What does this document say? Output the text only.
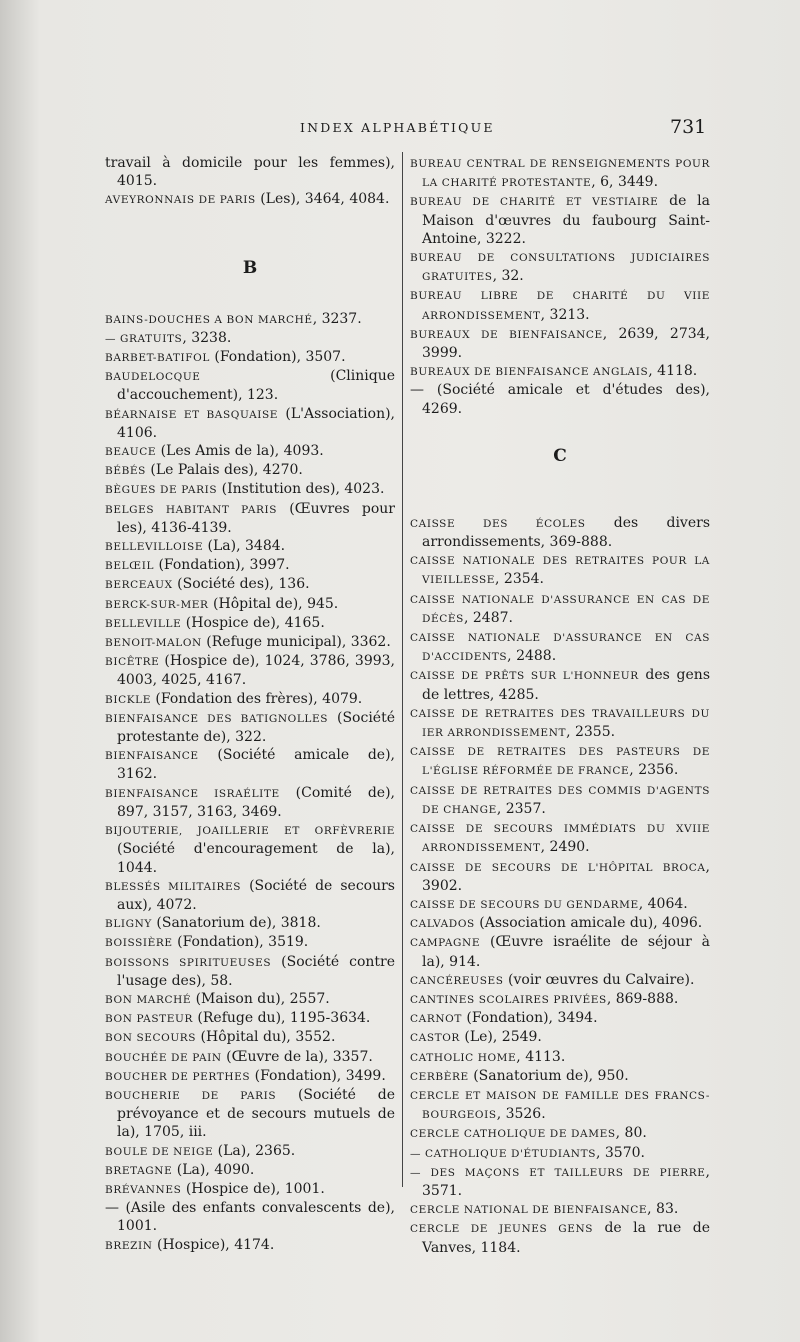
INDEX ALPHABÉTIQUE	731
travail à domicile pour les femmes), 4015.
AVEYRONNAIS DE PARIS (Les), 3464, 4084.
B
BAINS-DOUCHES A BON MARCHÉ, 3237.
— GRATUITS, 3238.
BARBET-BATIFOL (Fondation), 3507.
BAUDELOCQUE (Clinique d'accouchement), 123.
BÉARNAISE ET BASQUAISE (L'Association), 4106.
BEAUCE (Les Amis de la), 4093.
BÉBÉS (Le Palais des), 4270.
BÈGUES DE PARIS (Institution des), 4023.
BELGES HABITANT PARIS (Œuvres pour les), 4136-4139.
BELLEVILLOISE (La), 3484.
BELŒIL (Fondation), 3997.
BERCEAUX (Société des), 136.
BERCK-SUR-MER (Hôpital de), 945.
BELLEVILLE (Hospice de), 4165.
BENOIT-MALON (Refuge municipal), 3362.
BICÊTRE (Hospice de), 1024, 3786, 3993, 4003, 4025, 4167.
BICKLE (Fondation des frères), 4079.
BIENFAISANCE DES BATIGNOLLES (Société protestante de), 322.
BIENFAISANCE (Société amicale de), 3162.
BIENFAISANCE ISRAÉLITE (Comité de), 897, 3157, 3163, 3469.
BIJOUTERIE, JOAILLERIE ET ORFÈVRERIE (Société d'encouragement de la), 1044.
BLESSÉS MILITAIRES (Société de secours aux), 4072.
BLIGNY (Sanatorium de), 3818.
BOISSIÈRE (Fondation), 3519.
BOISSONS SPIRITUEUSES (Société contre l'usage des), 58.
BON MARCHÉ (Maison du), 2557.
BON PASTEUR (Refuge du), 1195-3634.
BON SECOURS (Hôpital du), 3552.
BOUCHÉE DE PAIN (Œuvre de la), 3357.
BOUCHER DE PERTHES (Fondation), 3499.
BOUCHERIE DE PARIS (Société de prévoyance et de secours mutuels de la), 1705, iii.
BOULE DE NEIGE (La), 2365.
BRETAGNE (La), 4090.
BRÉVANNES (Hospice de), 1001.
— (Asile des enfants convalescents de), 1001.
BREZIN (Hospice), 4174.
BUREAU CENTRAL DE RENSEIGNEMENTS POUR LA CHARITÉ PROTESTANTE, 6, 3449.
BUREAU DE CHARITÉ ET VESTIAIRE de la Maison d'œuvres du faubourg Saint-Antoine, 3222.
BUREAU DE CONSULTATIONS JUDICIAIRES GRATUITES, 32.
BUREAU LIBRE DE CHARITÉ DU VIIE ARRONDISSEMENT, 3213.
BUREAUX DE BIENFAISANCE, 2639, 2734, 3999.
BUREAUX DE BIENFAISANCE ANGLAIS, 4118.
— (Société amicale et d'études des), 4269.
C
CAISSE DES ÉCOLES des divers arrondissements, 369-888.
CAISSE NATIONALE DES RETRAITES POUR LA VIEILLESSE, 2354.
CAISSE NATIONALE D'ASSURANCE EN CAS DE DÉCÈS, 2487.
CAISSE NATIONALE D'ASSURANCE EN CAS D'ACCIDENTS, 2488.
CAISSE DE PRÊTS SUR L'HONNEUR des gens de lettres, 4285.
CAISSE DE RETRAITES DES TRAVAILLEURS DU IER ARRONDISSEMENT, 2355.
CAISSE DE RETRAITES DES PASTEURS DE L'ÉGLISE RÉFORMÉE DE FRANCE, 2356.
CAISSE DE RETRAITES DES COMMIS D'AGENTS DE CHANGE, 2357.
CAISSE DE SECOURS IMMÉDIATS DU XVIIE ARRONDISSEMENT, 2490.
CAISSE DE SECOURS DE L'HÔPITAL BROCA, 3902.
CAISSE DE SECOURS DU GENDARME, 4064.
CALVADOS (Association amicale du), 4096.
CAMPAGNE (Œuvre israélite de séjour à la), 914.
CANCÉREUSES (voir œuvres du Calvaire).
CANTINES SCOLAIRES PRIVÉES, 869-888.
CARNOT (Fondation), 3494.
CASTOR (Le), 2549.
CATHOLIC HOME, 4113.
CERBÈRE (Sanatorium de), 950.
CERCLE ET MAISON DE FAMILLE DES FRANCS-BOURGEOIS, 3526.
CERCLE CATHOLIQUE DE DAMES, 80.
— CATHOLIQUE D'ÉTUDIANTS, 3570.
— DES MAÇONS ET TAILLEURS DE PIERRE, 3571.
CERCLE NATIONAL DE BIENFAISANCE, 83.
CERCLE DE JEUNES GENS de la rue de Vanves, 1184.
